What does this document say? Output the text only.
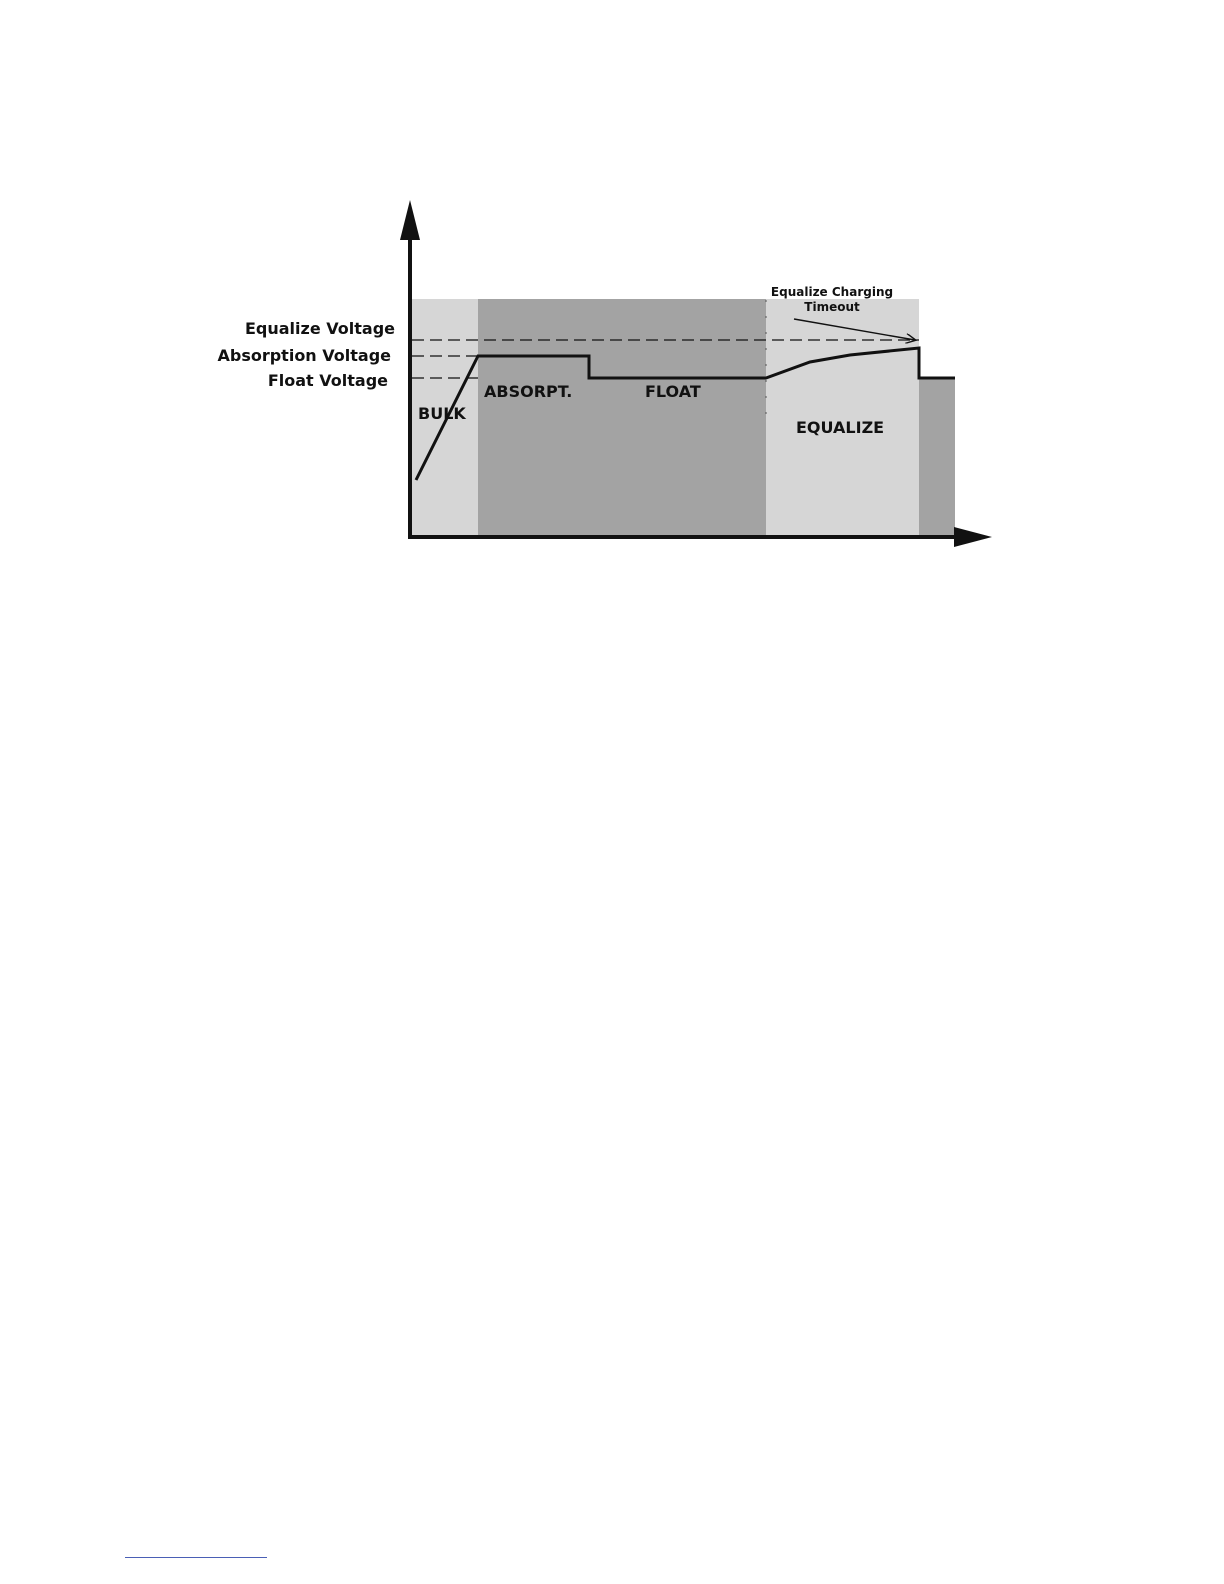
Equalize Voltage
Absorption Voltage
Float Voltage
BULK
ABSORPT.	FLOAT
EQUALIZE
Equalize Charging
Timeout
